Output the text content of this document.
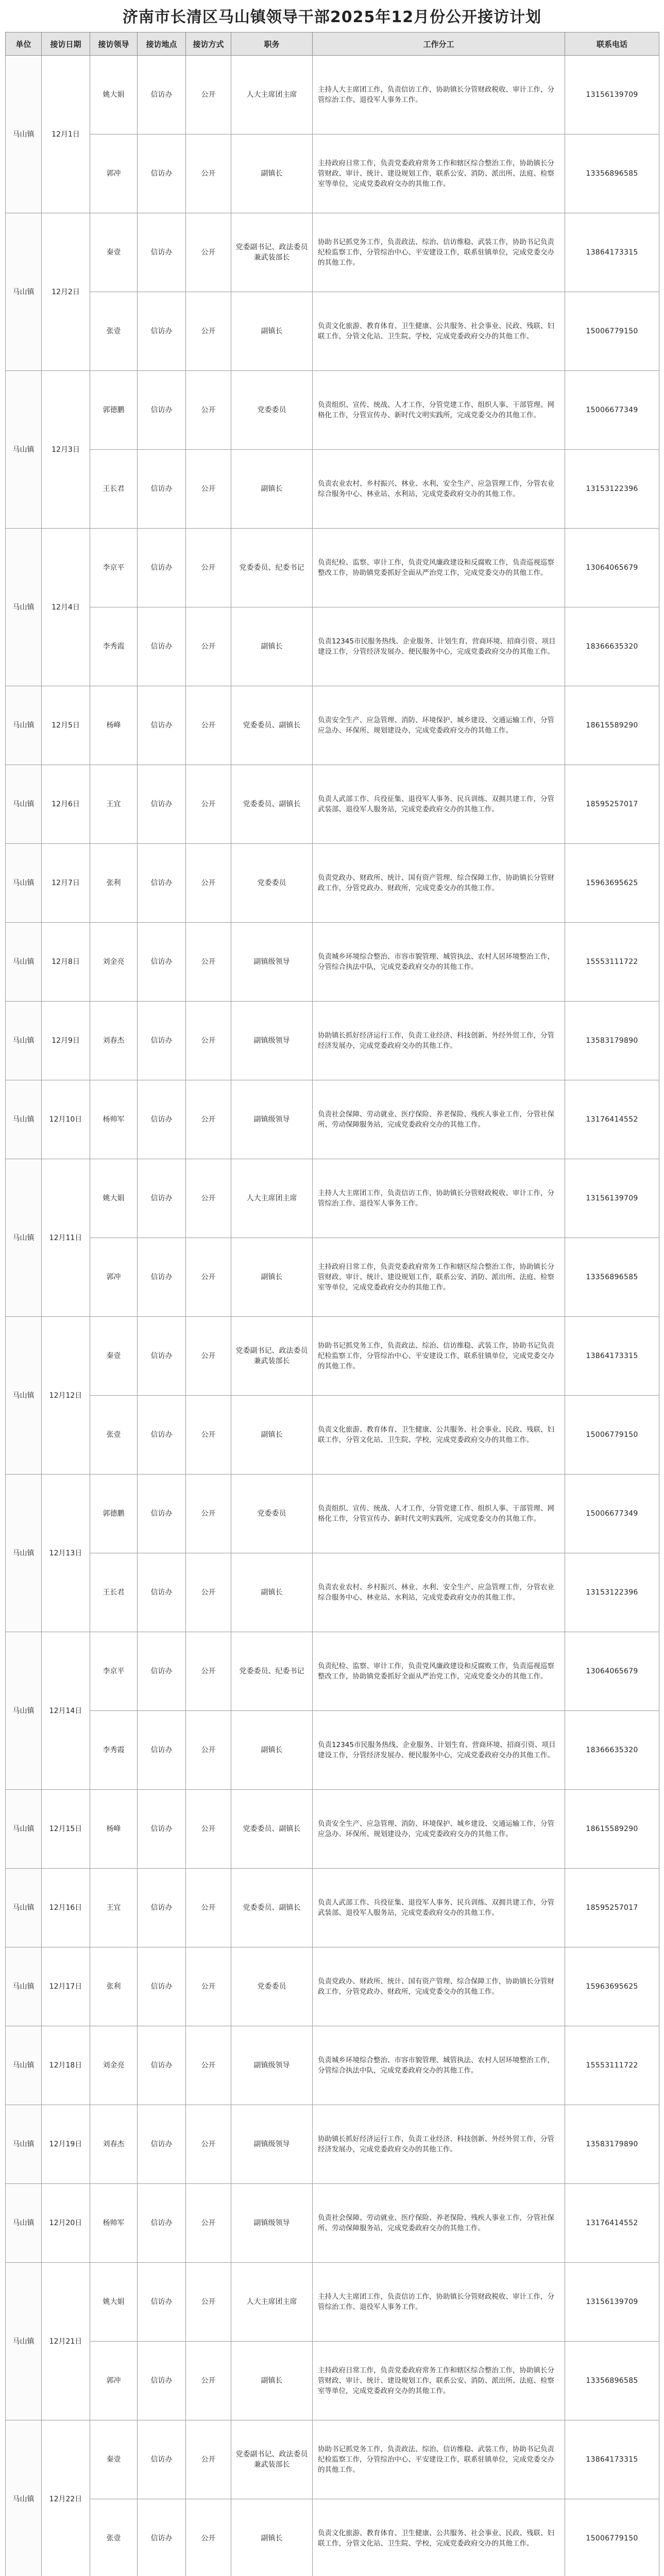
济南市长清区马山镇领导干部2025年12月份公开接访计划
单位	接访日期	接访领导	接访地点	接访方式	职务	工作分工	联系电话
马山镇	12月1日	姚大娟	信访办	公开	人大主席团主席	主持人大主席团工作，负责信访工作，协助镇长分管财政税收、审计工作，分管综治工作、退役军人事务工作。	13156139709
		郭冲	信访办	公开	副镇长	主持政府日常工作，负责党委政府常务工作和辖区综合整治工作，协助镇长分管财政、审计、统计、建设规划工作，联系公安、消防、派出所、法庭、检察室等单位，完成党委政府交办的其他工作。	13356896585
马山镇	12月2日	秦壹	信访办	公开	党委副书记、政法委员兼武装部长	协助书记抓党务工作，负责政法、综治、信访维稳、武装工作，协助书记负责纪检监察工作，分管综治中心、平安建设工作，联系驻镇单位，完成党委交办的其他工作。	13864173315
		张壹	信访办	公开	副镇长	负责文化旅游、教育体育、卫生健康、公共服务、社会事业、民政、残联、妇联工作，分管文化站、卫生院、学校，完成党委政府交办的其他工作。	15006779150
马山镇	12月3日	郭德鹏	信访办	公开	党委委员	负责组织、宣传、统战、人才工作，分管党建工作、组织人事、干部管理、网格化工作，分管宣传办、新时代文明实践所，完成党委交办的其他工作。	15006677349
		王长君	信访办	公开	副镇长	负责农业农村、乡村振兴、林业、水利、安全生产、应急管理工作，分管农业综合服务中心、林业站、水利站，完成党委政府交办的其他工作。	13153122396
马山镇	12月4日	李京平	信访办	公开	党委委员、纪委书记	负责纪检、监察、审计工作，负责党风廉政建设和反腐败工作，负责巡视巡察整改工作，协助镇党委抓好全面从严治党工作，完成党委交办的其他工作。	13064065679
		李秀霞	信访办	公开	副镇长	负责12345市民服务热线、企业服务、计划生育、营商环境、招商引资、项目建设工作，分管经济发展办、便民服务中心，完成党委政府交办的其他工作。	18366635320
马山镇	12月5日	杨峰	信访办	公开	党委委员、副镇长	负责安全生产、应急管理、消防、环境保护、城乡建设、交通运输工作，分管应急办、环保所、规划建设办，完成党委政府交办的其他工作。	18615589290
马山镇	12月6日	王宜	信访办	公开	党委委员、副镇长	负责人武部工作、兵役征集、退役军人事务、民兵训练、双拥共建工作，分管武装部、退役军人服务站，完成党委政府交办的其他工作。	18595257017
马山镇	12月7日	张利	信访办	公开	党委委员	负责党政办、财政所、统计、国有资产管理、综合保障工作，协助镇长分管财政工作，分管党政办、财政所，完成党委交办的其他工作。	15963695625
马山镇	12月8日	刘金亮	信访办	公开	副镇级领导	负责城乡环境综合整治、市容市貌管理、城管执法、农村人居环境整治工作，分管综合执法中队，完成党委政府交办的其他工作。	15553111722
马山镇	12月9日	刘春杰	信访办	公开	副镇级领导	协助镇长抓好经济运行工作，负责工业经济、科技创新、外经外贸工作，分管经济发展办，完成党委政府交办的其他工作。	13583179890
马山镇	12月10日	杨帅军	信访办	公开	副镇级领导	负责社会保障、劳动就业、医疗保险、养老保险、残疾人事业工作，分管社保所、劳动保障服务站，完成党委政府交办的其他工作。	13176414552
马山镇	12月11日	姚大娟	信访办	公开	人大主席团主席	主持人大主席团工作，负责信访工作，协助镇长分管财政税收、审计工作，分管综治工作、退役军人事务工作。	13156139709
		郭冲	信访办	公开	副镇长	主持政府日常工作，负责党委政府常务工作和辖区综合整治工作，协助镇长分管财政、审计、统计、建设规划工作，联系公安、消防、派出所、法庭、检察室等单位，完成党委政府交办的其他工作。	13356896585
马山镇	12月12日	秦壹	信访办	公开	党委副书记、政法委员兼武装部长	协助书记抓党务工作，负责政法、综治、信访维稳、武装工作，协助书记负责纪检监察工作，分管综治中心、平安建设工作，联系驻镇单位，完成党委交办的其他工作。	13864173315
		张壹	信访办	公开	副镇长	负责文化旅游、教育体育、卫生健康、公共服务、社会事业、民政、残联、妇联工作，分管文化站、卫生院、学校，完成党委政府交办的其他工作。	15006779150
马山镇	12月13日	郭德鹏	信访办	公开	党委委员	负责组织、宣传、统战、人才工作，分管党建工作、组织人事、干部管理、网格化工作，分管宣传办、新时代文明实践所，完成党委交办的其他工作。	15006677349
		王长君	信访办	公开	副镇长	负责农业农村、乡村振兴、林业、水利、安全生产、应急管理工作，分管农业综合服务中心、林业站、水利站，完成党委政府交办的其他工作。	13153122396
马山镇	12月14日	李京平	信访办	公开	党委委员、纪委书记	负责纪检、监察、审计工作，负责党风廉政建设和反腐败工作，负责巡视巡察整改工作，协助镇党委抓好全面从严治党工作，完成党委交办的其他工作。	13064065679
		李秀霞	信访办	公开	副镇长	负责12345市民服务热线、企业服务、计划生育、营商环境、招商引资、项目建设工作，分管经济发展办、便民服务中心，完成党委政府交办的其他工作。	18366635320
马山镇	12月15日	杨峰	信访办	公开	党委委员、副镇长	负责安全生产、应急管理、消防、环境保护、城乡建设、交通运输工作，分管应急办、环保所、规划建设办，完成党委政府交办的其他工作。	18615589290
马山镇	12月16日	王宜	信访办	公开	党委委员、副镇长	负责人武部工作、兵役征集、退役军人事务、民兵训练、双拥共建工作，分管武装部、退役军人服务站，完成党委政府交办的其他工作。	18595257017
马山镇	12月17日	张利	信访办	公开	党委委员	负责党政办、财政所、统计、国有资产管理、综合保障工作，协助镇长分管财政工作，分管党政办、财政所，完成党委交办的其他工作。	15963695625
马山镇	12月18日	刘金亮	信访办	公开	副镇级领导	负责城乡环境综合整治、市容市貌管理、城管执法、农村人居环境整治工作，分管综合执法中队，完成党委政府交办的其他工作。	15553111722
马山镇	12月19日	刘春杰	信访办	公开	副镇级领导	协助镇长抓好经济运行工作，负责工业经济、科技创新、外经外贸工作，分管经济发展办，完成党委政府交办的其他工作。	13583179890
马山镇	12月20日	杨帅军	信访办	公开	副镇级领导	负责社会保障、劳动就业、医疗保险、养老保险、残疾人事业工作，分管社保所、劳动保障服务站，完成党委政府交办的其他工作。	13176414552
马山镇	12月21日	姚大娟	信访办	公开	人大主席团主席	主持人大主席团工作，负责信访工作，协助镇长分管财政税收、审计工作，分管综治工作、退役军人事务工作。	13156139709
		郭冲	信访办	公开	副镇长	主持政府日常工作，负责党委政府常务工作和辖区综合整治工作，协助镇长分管财政、审计、统计、建设规划工作，联系公安、消防、派出所、法庭、检察室等单位，完成党委政府交办的其他工作。	13356896585
马山镇	12月22日	秦壹	信访办	公开	党委副书记、政法委员兼武装部长	协助书记抓党务工作，负责政法、综治、信访维稳、武装工作，协助书记负责纪检监察工作，分管综治中心、平安建设工作，联系驻镇单位，完成党委交办的其他工作。	13864173315
		张壹	信访办	公开	副镇长	负责文化旅游、教育体育、卫生健康、公共服务、社会事业、民政、残联、妇联工作，分管文化站、卫生院、学校，完成党委政府交办的其他工作。	15006779150
